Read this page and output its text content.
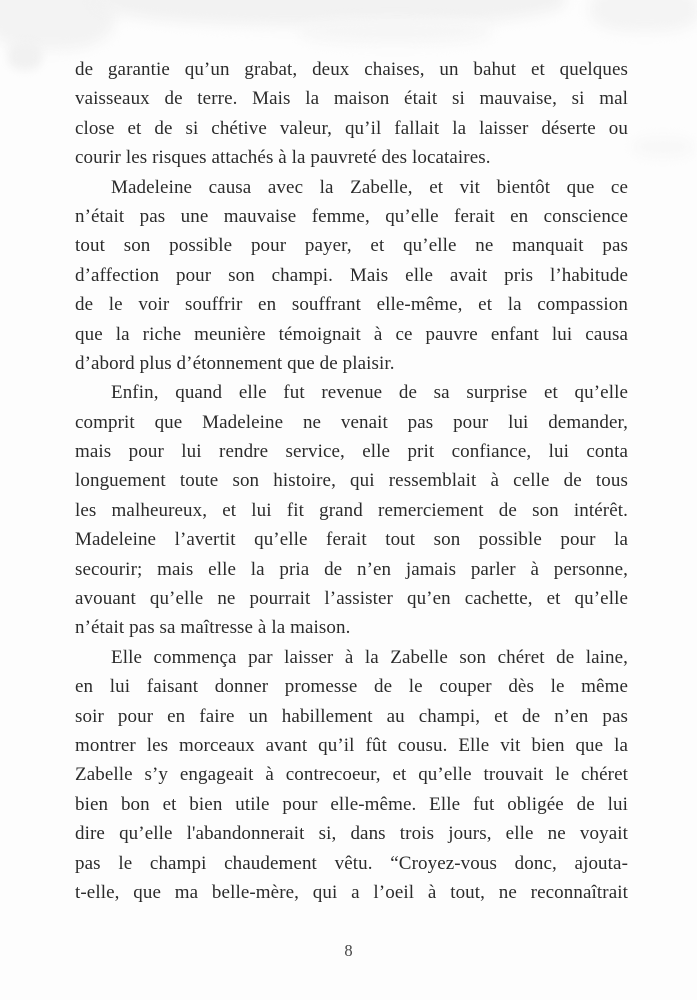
de garantie qu’un grabat, deux chaises, un bahut et quelques
vaisseaux de terre. Mais la maison était si mauvaise, si mal
close et de si chétive valeur, qu’il fallait la laisser déserte ou
courir les risques attachés à la pauvreté des locataires.
Madeleine causa avec la Zabelle, et vit bientôt que ce
n’était pas une mauvaise femme, qu’elle ferait en conscience
tout son possible pour payer, et qu’elle ne manquait pas
d’affection pour son champi. Mais elle avait pris l’habitude
de le voir souffrir en souffrant elle-même, et la compassion
que la riche meunière témoignait à ce pauvre enfant lui causa
d’abord plus d’étonnement que de plaisir.
Enfin, quand elle fut revenue de sa surprise et qu’elle
comprit que Madeleine ne venait pas pour lui demander,
mais pour lui rendre service, elle prit confiance, lui conta
longuement toute son histoire, qui ressemblait à celle de tous
les malheureux, et lui fit grand remerciement de son intérêt.
Madeleine l’avertit qu’elle ferait tout son possible pour la
secourir; mais elle la pria de n’en jamais parler à personne,
avouant qu’elle ne pourrait l’assister qu’en cachette, et qu’elle
n’était pas sa maîtresse à la maison.
Elle commença par laisser à la Zabelle son chéret de laine,
en lui faisant donner promesse de le couper dès le même
soir pour en faire un habillement au champi, et de n’en pas
montrer les morceaux avant qu’il fût cousu. Elle vit bien que la
Zabelle s’y engageait à contrecoeur, et qu’elle trouvait le chéret
bien bon et bien utile pour elle-même. Elle fut obligée de lui
dire qu’elle l'abandonnerait si, dans trois jours, elle ne voyait
pas le champi chaudement vêtu. “Croyez-vous donc, ajouta-
t-elle, que ma belle-mère, qui a l’oeil à tout, ne reconnaîtrait
8
